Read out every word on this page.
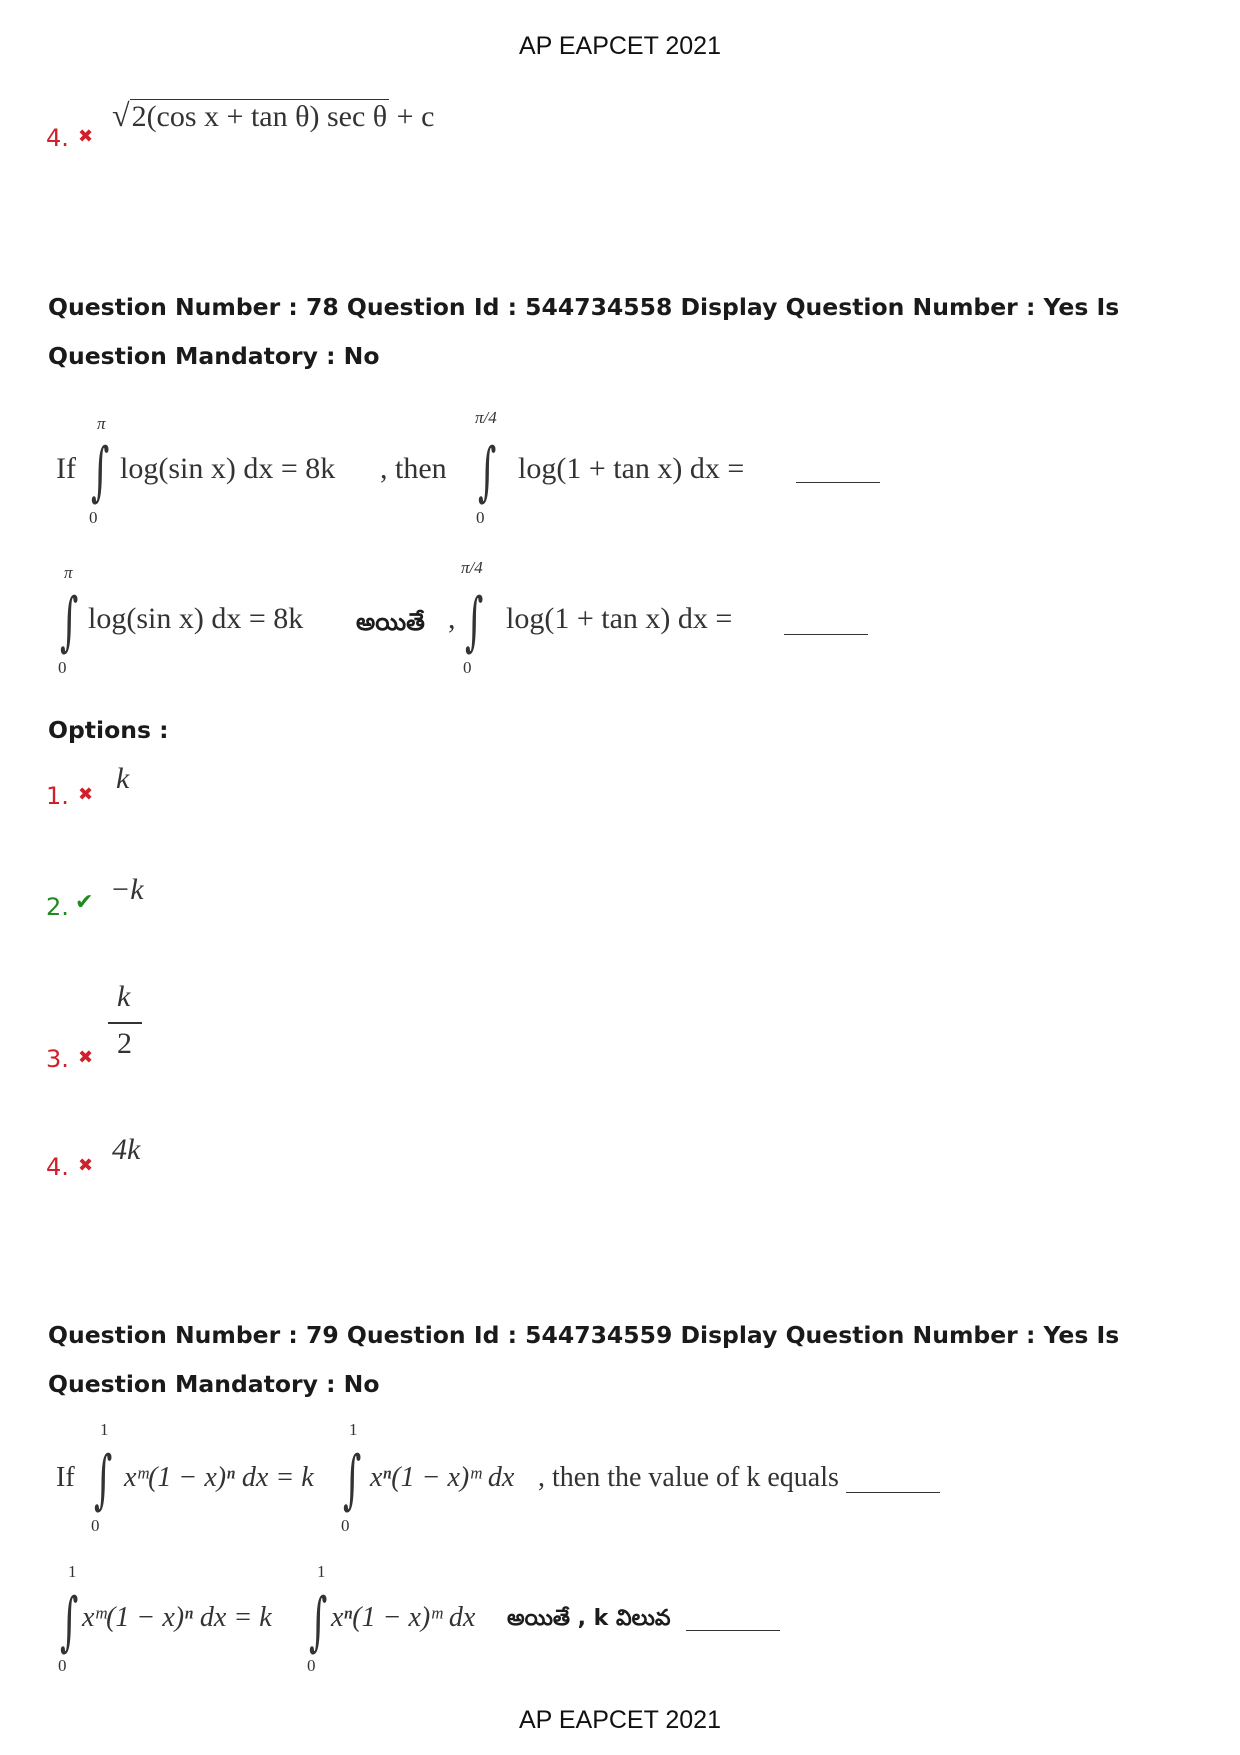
AP EAPCET 2021
4. ✖
√2(cos x + tan θ) sec θ + c
Question Number : 78 Question Id : 544734558 Display Question Number : Yes Is Question Mandatory : No
If
π
∫
0
log(sin x) dx = 8k , then
π/4
∫
0
log(1 + tan x) dx =
π
∫
0
log(sin x) dx = 8k అయితే ,
π/4
∫
0
log(1 + tan x) dx =
Options :
1. ✖ k
2. ✔ −k
3. ✖
k
2
4. ✖ 4k
Question Number : 79 Question Id : 544734559 Display Question Number : Yes Is Question Mandatory : No
If
1
∫
0
xᵐ(1 − x)ⁿ dx = k
1
∫
0
xⁿ(1 − x)ᵐ dx , then the value of k equals
1
∫
0
xᵐ(1 − x)ⁿ dx = k
1
∫
0
xⁿ(1 − x)ᵐ dx అయితే , k విలువ
AP EAPCET 2021
